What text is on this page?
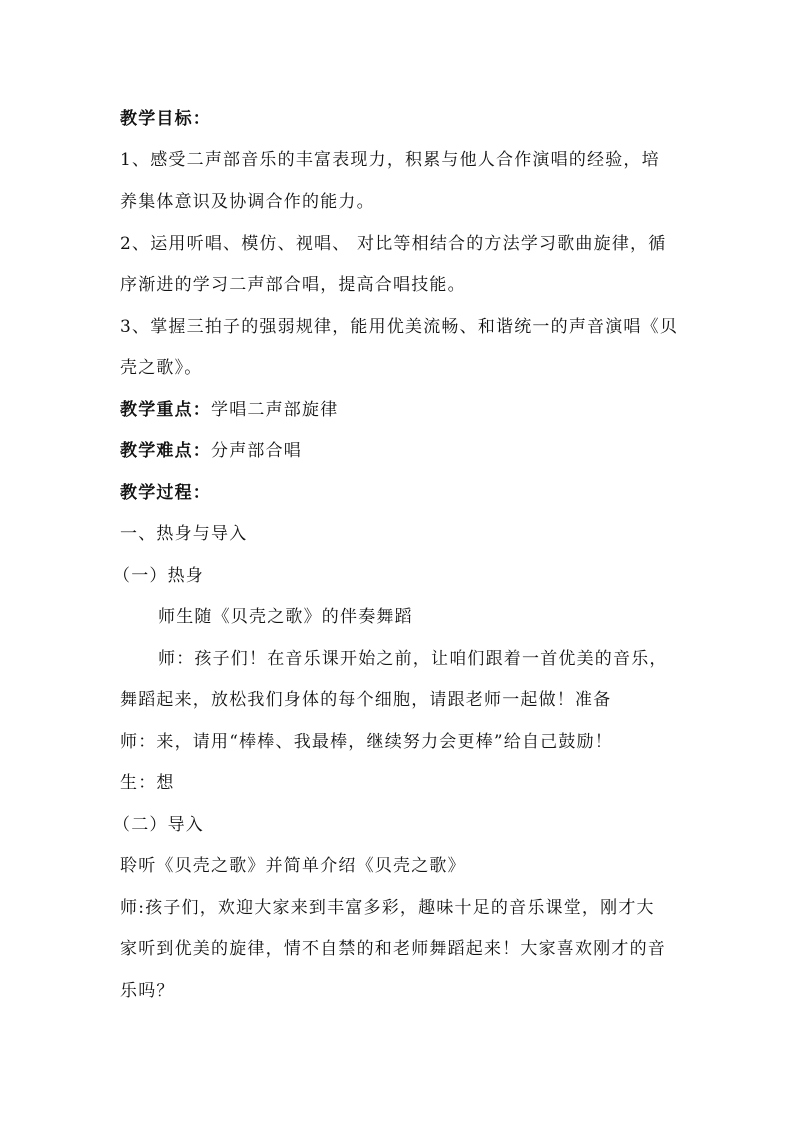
教学目标：
1、感受二声部音乐的丰富表现力，积累与他人合作演唱的经验，培
养集体意识及协调合作的能力。
2、运用听唱、模仿、视唱、 对比等相结合的方法学习歌曲旋律，循
序渐进的学习二声部合唱，提高合唱技能。
3、掌握三拍子的强弱规律，能用优美流畅、和谐统一的声音演唱《贝
壳之歌》。
教学重点：学唱二声部旋律
教学难点：分声部合唱
教学过程：
一、热身与导入
（一）热身
师生随《贝壳之歌》的伴奏舞蹈
师：孩子们！在音乐课开始之前，让咱们跟着一首优美的音乐，
舞蹈起来，放松我们身体的每个细胞，请跟老师一起做！准备
师：来，请用“棒棒、我最棒，继续努力会更棒”给自己鼓励！
生：想
（二）导入
聆听《贝壳之歌》并简单介绍《贝壳之歌》
师:孩子们，欢迎大家来到丰富多彩，趣味十足的音乐课堂，刚才大
家听到优美的旋律，情不自禁的和老师舞蹈起来！大家喜欢刚才的音
乐吗？
